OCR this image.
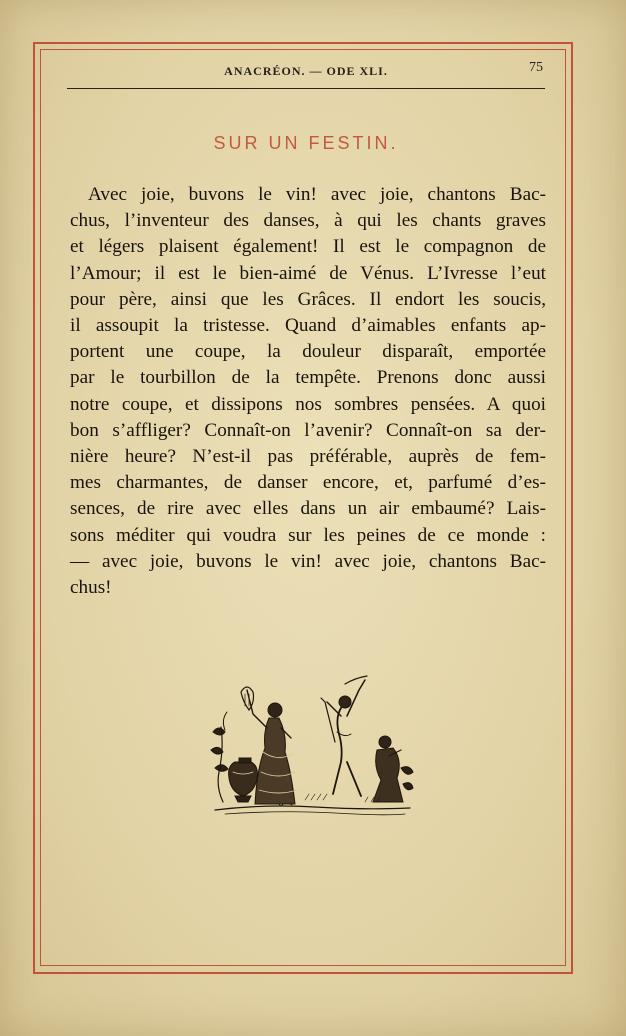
ANACRÉON. — ODE XLI.	75
SUR UN FESTIN.
Avec joie, buvons le vin! avec joie, chantons Bac-
chus, l’inventeur des danses, à qui les chants graves
et légers plaisent également! Il est le compagnon de
l’Amour; il est le bien-aimé de Vénus. L’Ivresse l’eut
pour père, ainsi que les Grâces. Il endort les soucis,
il assoupit la tristesse. Quand d’aimables enfants ap-
portent une coupe, la douleur disparaît, emportée
par le tourbillon de la tempête. Prenons donc aussi
notre coupe, et dissipons nos sombres pensées. A quoi
bon s’affliger? Connaît-on l’avenir? Connaît-on sa der-
nière heure? N’est-il pas préférable, auprès de fem-
mes charmantes, de danser encore, et, parfumé d’es-
sences, de rire avec elles dans un air embaumé? Lais-
sons méditer qui voudra sur les peines de ce monde :
— avec joie, buvons le vin! avec joie, chantons Bac-
chus!
